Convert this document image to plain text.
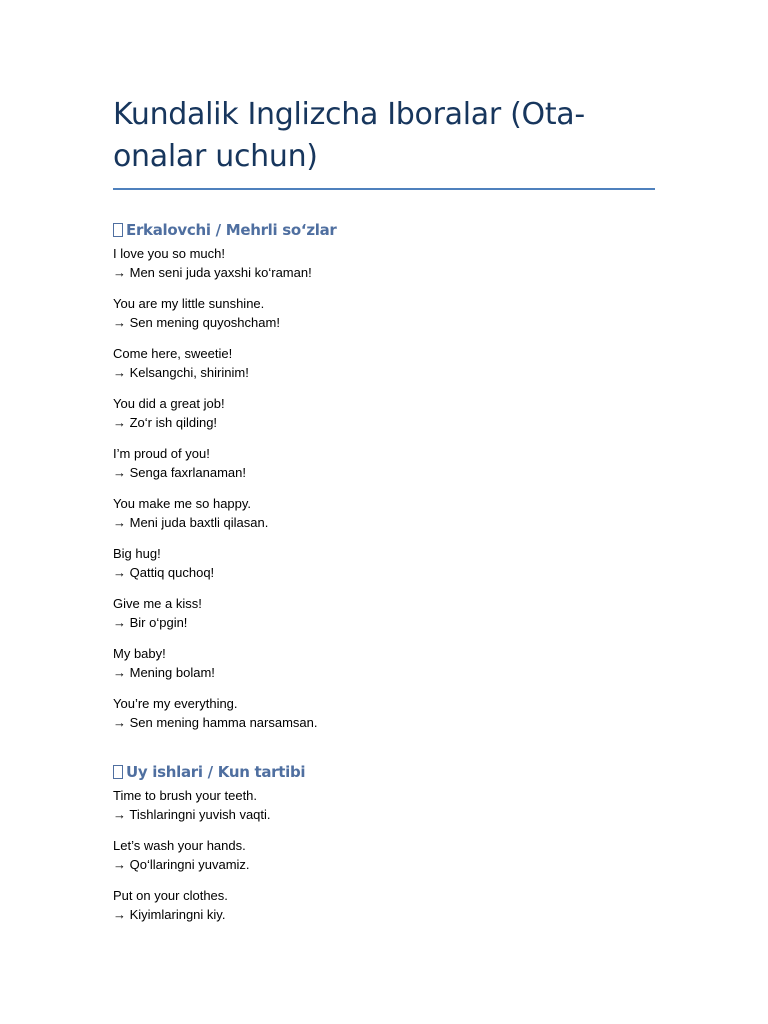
Kundalik Inglizcha Iboralar (Ota-onalar uchun)
Erkalovchi / Mehrli so‘zlar
I love you so much!
→ Men seni juda yaxshi ko‘raman!
You are my little sunshine.
→ Sen mening quyoshcham!
Come here, sweetie!
→ Kelsangchi, shirinim!
You did a great job!
→ Zo‘r ish qilding!
I’m proud of you!
→ Senga faxrlanaman!
You make me so happy.
→ Meni juda baxtli qilasan.
Big hug!
→ Qattiq quchoq!
Give me a kiss!
→ Bir o‘pgin!
My baby!
→ Mening bolam!
You’re my everything.
→ Sen mening hamma narsamsan.
Uy ishlari / Kun tartibi
Time to brush your teeth.
→ Tishlaringni yuvish vaqti.
Let’s wash your hands.
→ Qo‘llaringni yuvamiz.
Put on your clothes.
→ Kiyimlaringni kiy.
